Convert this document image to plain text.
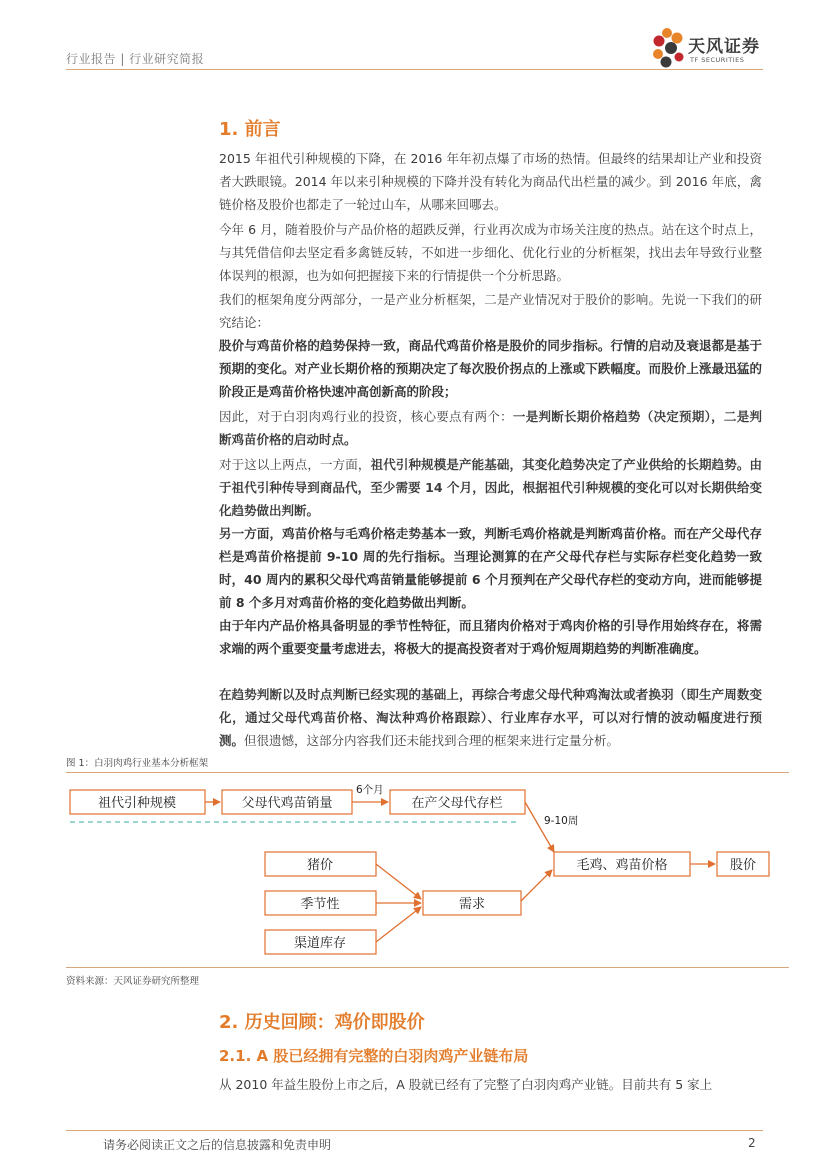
行业报告 | 行业研究简报
天风证券
TF SECURITIES
1. 前言
2015 年祖代引种规模的下降，在 2016 年年初点爆了市场的热情。但最终的结果却让产业和投资者大跌眼镜。2014 年以来引种规模的下降并没有转化为商品代出栏量的减少。到 2016 年底，禽链价格及股价也都走了一轮过山车，从哪来回哪去。
今年 6 月，随着股价与产品价格的超跌反弹，行业再次成为市场关注度的热点。站在这个时点上，与其凭借信仰去坚定看多禽链反转，不如进一步细化、优化行业的分析框架，找出去年导致行业整体误判的根源，也为如何把握接下来的行情提供一个分析思路。
我们的框架角度分两部分，一是产业分析框架，二是产业情况对于股价的影响。先说一下我们的研究结论：
股价与鸡苗价格的趋势保持一致，商品代鸡苗价格是股价的同步指标。行情的启动及衰退都是基于预期的变化。对产业长期价格的预期决定了每次股价拐点的上涨或下跌幅度。而股价上涨最迅猛的阶段正是鸡苗价格快速冲高创新高的阶段；
因此，对于白羽肉鸡行业的投资，核心要点有两个：一是判断长期价格趋势（决定预期），二是判断鸡苗价格的启动时点。
对于这以上两点，一方面，祖代引种规模是产能基础，其变化趋势决定了产业供给的长期趋势。由于祖代引种传导到商品代，至少需要 14 个月，因此，根据祖代引种规模的变化可以对长期供给变化趋势做出判断。
另一方面，鸡苗价格与毛鸡价格走势基本一致，判断毛鸡价格就是判断鸡苗价格。而在产父母代存栏是鸡苗价格提前 9-10 周的先行指标。当理论测算的在产父母代存栏与实际存栏变化趋势一致时，40 周内的累积父母代鸡苗销量能够提前 6 个月预判在产父母代存栏的变动方向，进而能够提前 8 个多月对鸡苗价格的变化趋势做出判断。
由于年内产品价格具备明显的季节性特征，而且猪肉价格对于鸡肉价格的引导作用始终存在，将需求端的两个重要变量考虑进去，将极大的提高投资者对于鸡价短周期趋势的判断准确度。
在趋势判断以及时点判断已经实现的基础上，再综合考虑父母代种鸡淘汰或者换羽（即生产周数变化，通过父母代鸡苗价格、淘汰种鸡价格跟踪）、行业库存水平，可以对行情的波动幅度进行预测。但很遗憾，这部分内容我们还未能找到合理的框架来进行定量分析。
图 1：白羽肉鸡行业基本分析框架
祖代引种规模	父母代鸡苗销量	在产父母代存栏
6个月
9-10周
猪价
季节性
渠道库存
需求
毛鸡、鸡苗价格	股价
资料来源：天风证券研究所整理
2. 历史回顾：鸡价即股价
2.1. A 股已经拥有完整的白羽肉鸡产业链布局
从 2010 年益生股份上市之后，A 股就已经有了完整了白羽肉鸡产业链。目前共有 5 家上
请务必阅读正文之后的信息披露和免责申明	2
